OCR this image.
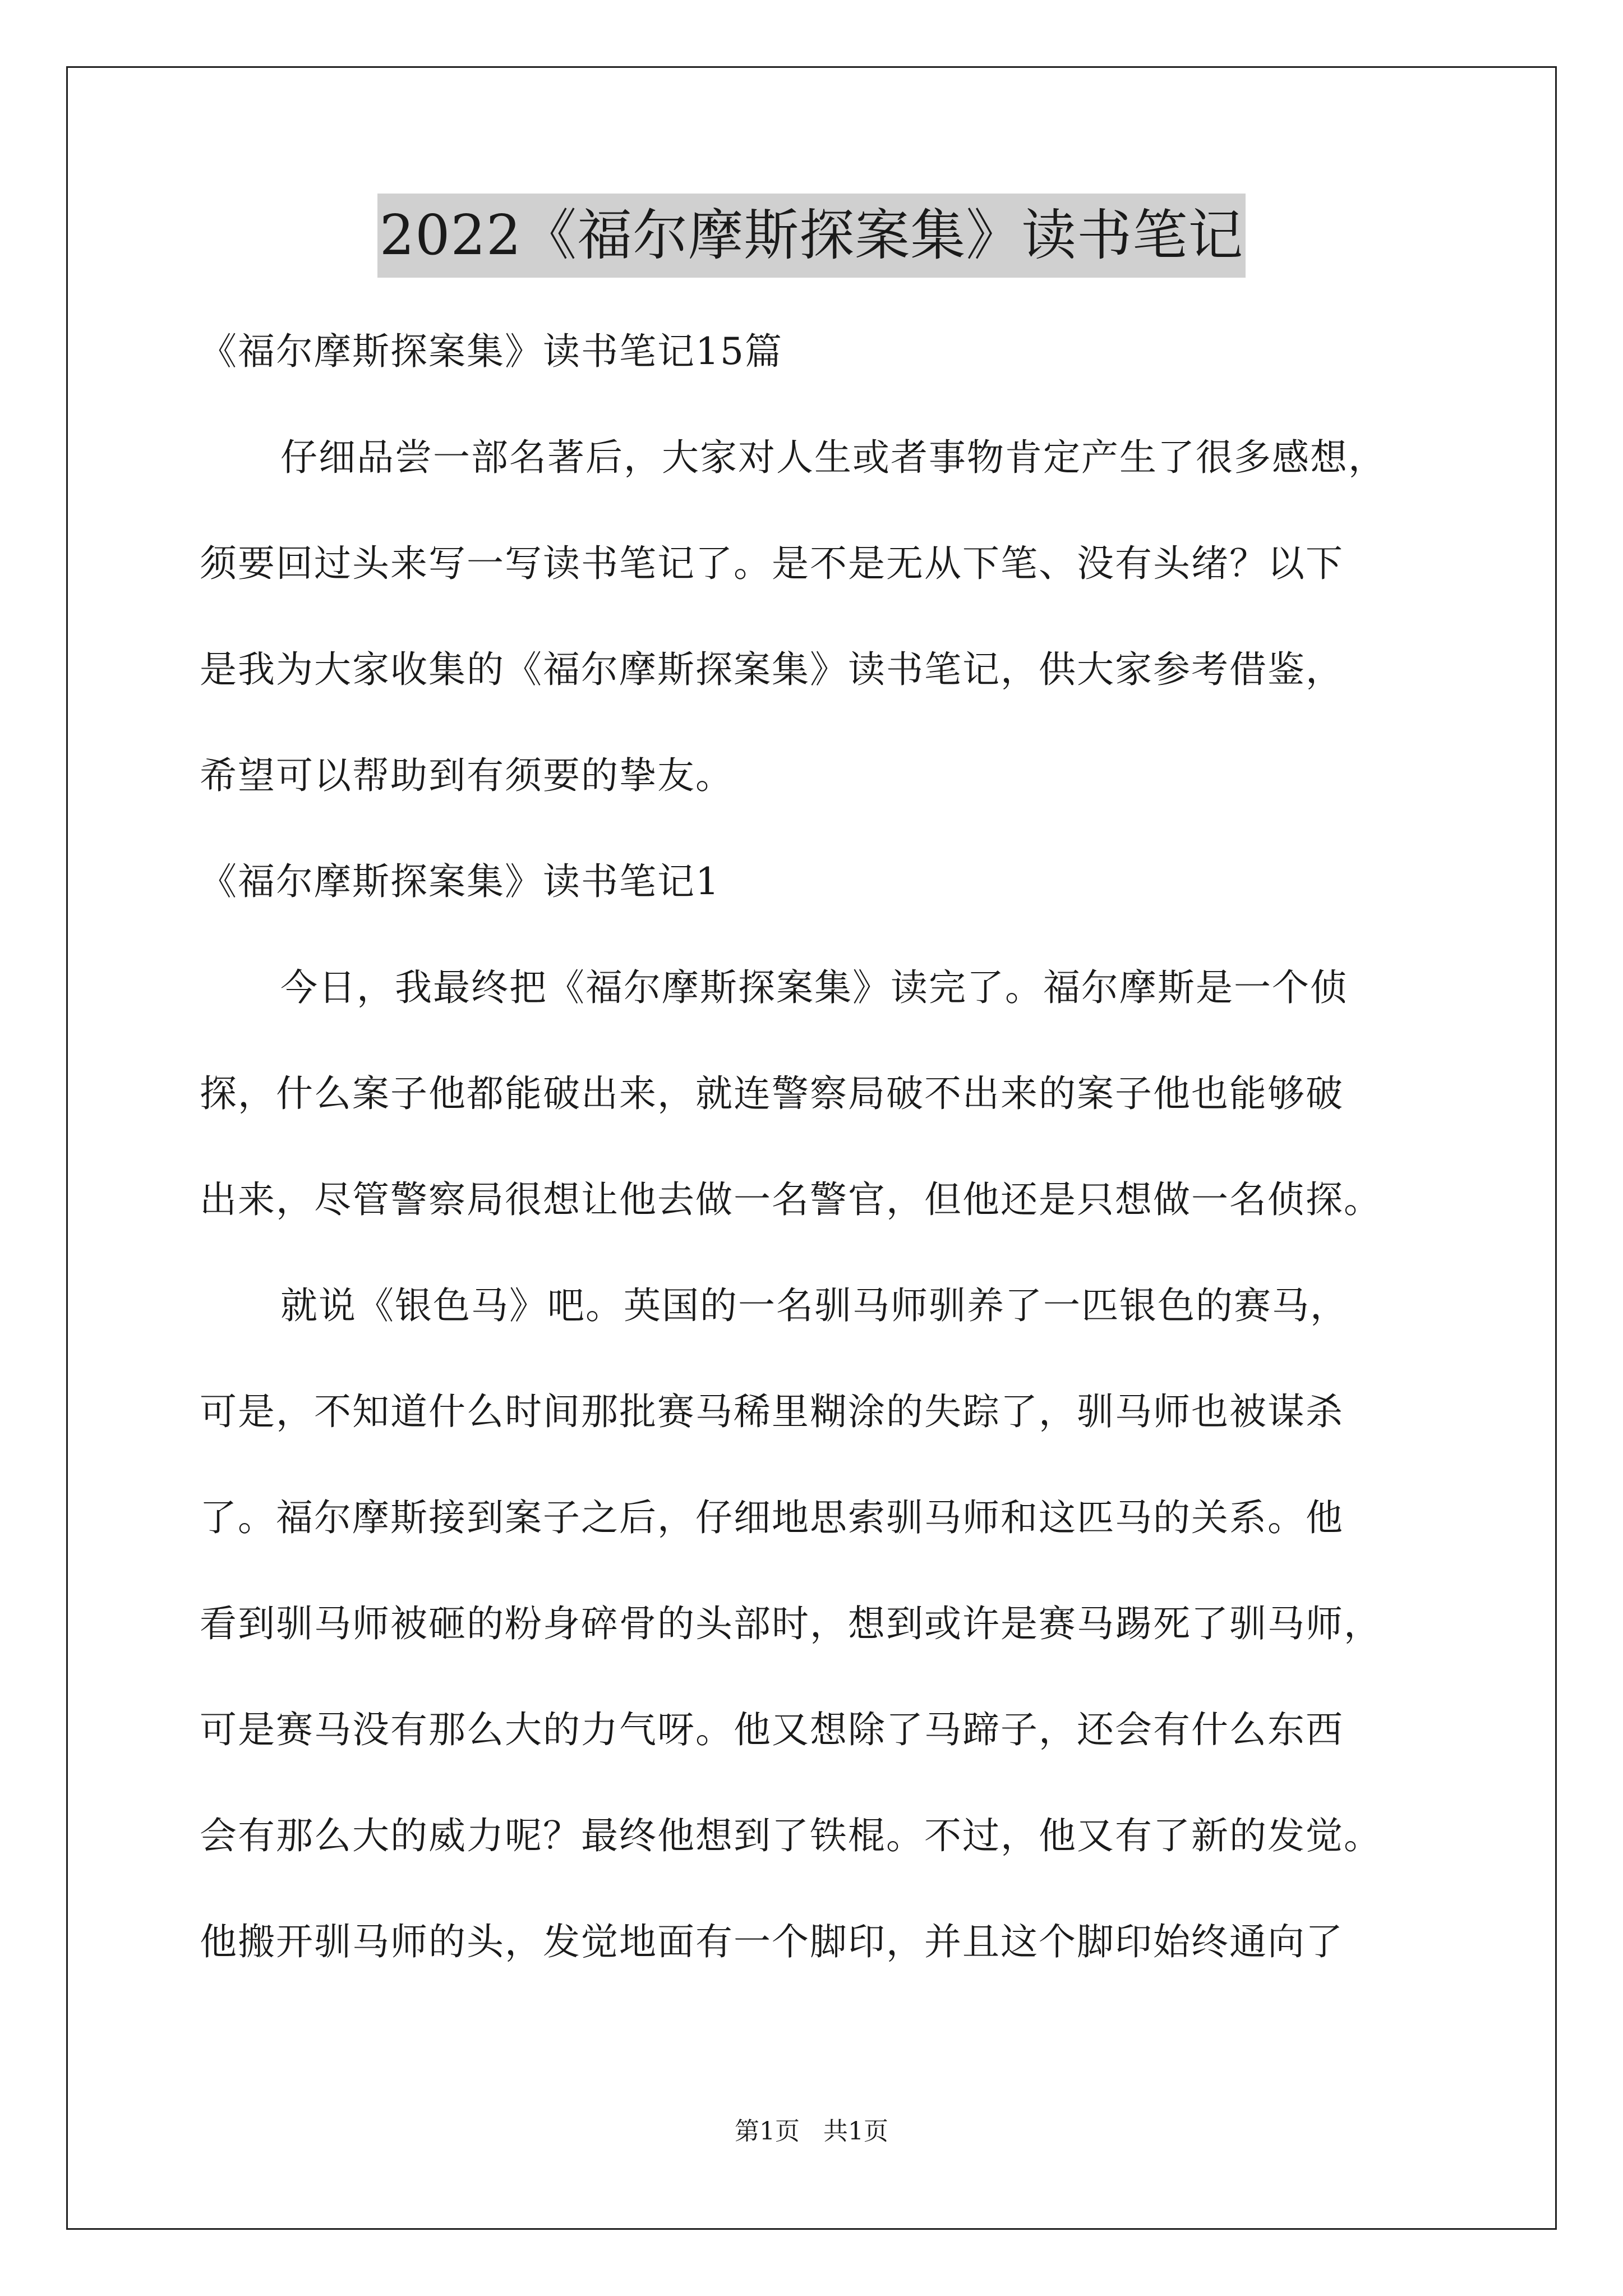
2022《福尔摩斯探案集》读书笔记
《福尔摩斯探案集》读书笔记15篇
仔细品尝一部名著后，大家对人生或者事物肯定产生了很多感想，
须要回过头来写一写读书笔记了。是不是无从下笔、没有头绪？以下
是我为大家收集的《福尔摩斯探案集》读书笔记，供大家参考借鉴，
希望可以帮助到有须要的挚友。
《福尔摩斯探案集》读书笔记1
今日，我最终把《福尔摩斯探案集》读完了。福尔摩斯是一个侦
探，什么案子他都能破出来，就连警察局破不出来的案子他也能够破
出来，尽管警察局很想让他去做一名警官，但他还是只想做一名侦探。
就说《银色马》吧。英国的一名驯马师驯养了一匹银色的赛马，
可是，不知道什么时间那批赛马稀里糊涂的失踪了，驯马师也被谋杀
了。福尔摩斯接到案子之后，仔细地思索驯马师和这匹马的关系。他
看到驯马师被砸的粉身碎骨的头部时，想到或许是赛马踢死了驯马师，
可是赛马没有那么大的力气呀。他又想除了马蹄子，还会有什么东西
会有那么大的威力呢？最终他想到了铁棍。不过，他又有了新的发觉。
他搬开驯马师的头，发觉地面有一个脚印，并且这个脚印始终通向了
第1页 共1页
